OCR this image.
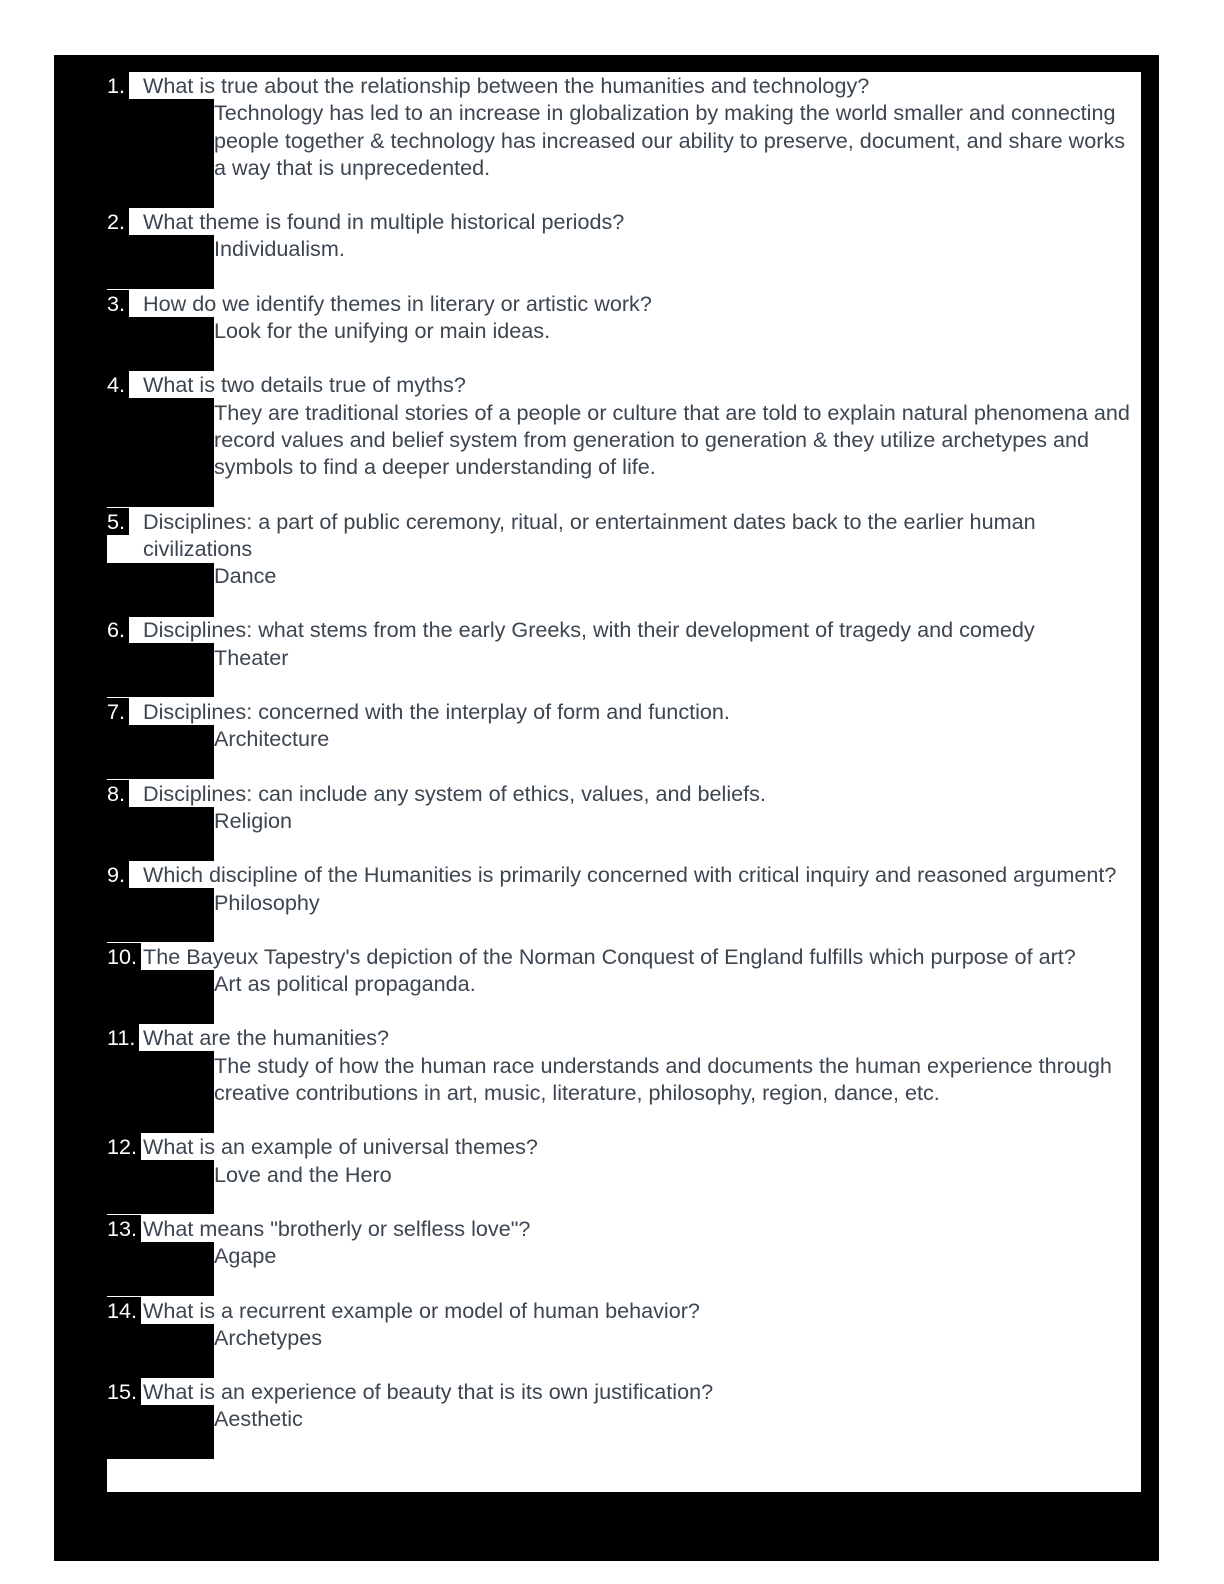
1. What is true about the relationship between the humanities and technology?
Technology has led to an increase in globalization by making the world smaller and connecting people together & technology has increased our ability to preserve, document, and share works a way that is unprecedented.
2. What theme is found in multiple historical periods?
Individualism.
3. How do we identify themes in literary or artistic work?
Look for the unifying or main ideas.
4. What is two details true of myths?
They are traditional stories of a people or culture that are told to explain natural phenomena and record values and belief system from generation to generation & they utilize archetypes and symbols to find a deeper understanding of life.
5. Disciplines: a part of public ceremony, ritual, or entertainment dates back to the earlier human civilizations
Dance
6. Disciplines: what stems from the early Greeks, with their development of tragedy and comedy
Theater
7. Disciplines: concerned with the interplay of form and function.
Architecture
8. Disciplines: can include any system of ethics, values, and beliefs.
Religion
9. Which discipline of the Humanities is primarily concerned with critical inquiry and reasoned argument?
Philosophy
10. The Bayeux Tapestry's depiction of the Norman Conquest of England fulfills which purpose of art?
Art as political propaganda.
11. What are the humanities?
The study of how the human race understands and documents the human experience through creative contributions in art, music, literature, philosophy, region, dance, etc.
12. What is an example of universal themes?
Love and the Hero
13. What means "brotherly or selfless love"?
Agape
14. What is a recurrent example or model of human behavior?
Archetypes
15. What is an experience of beauty that is its own justification?
Aesthetic
